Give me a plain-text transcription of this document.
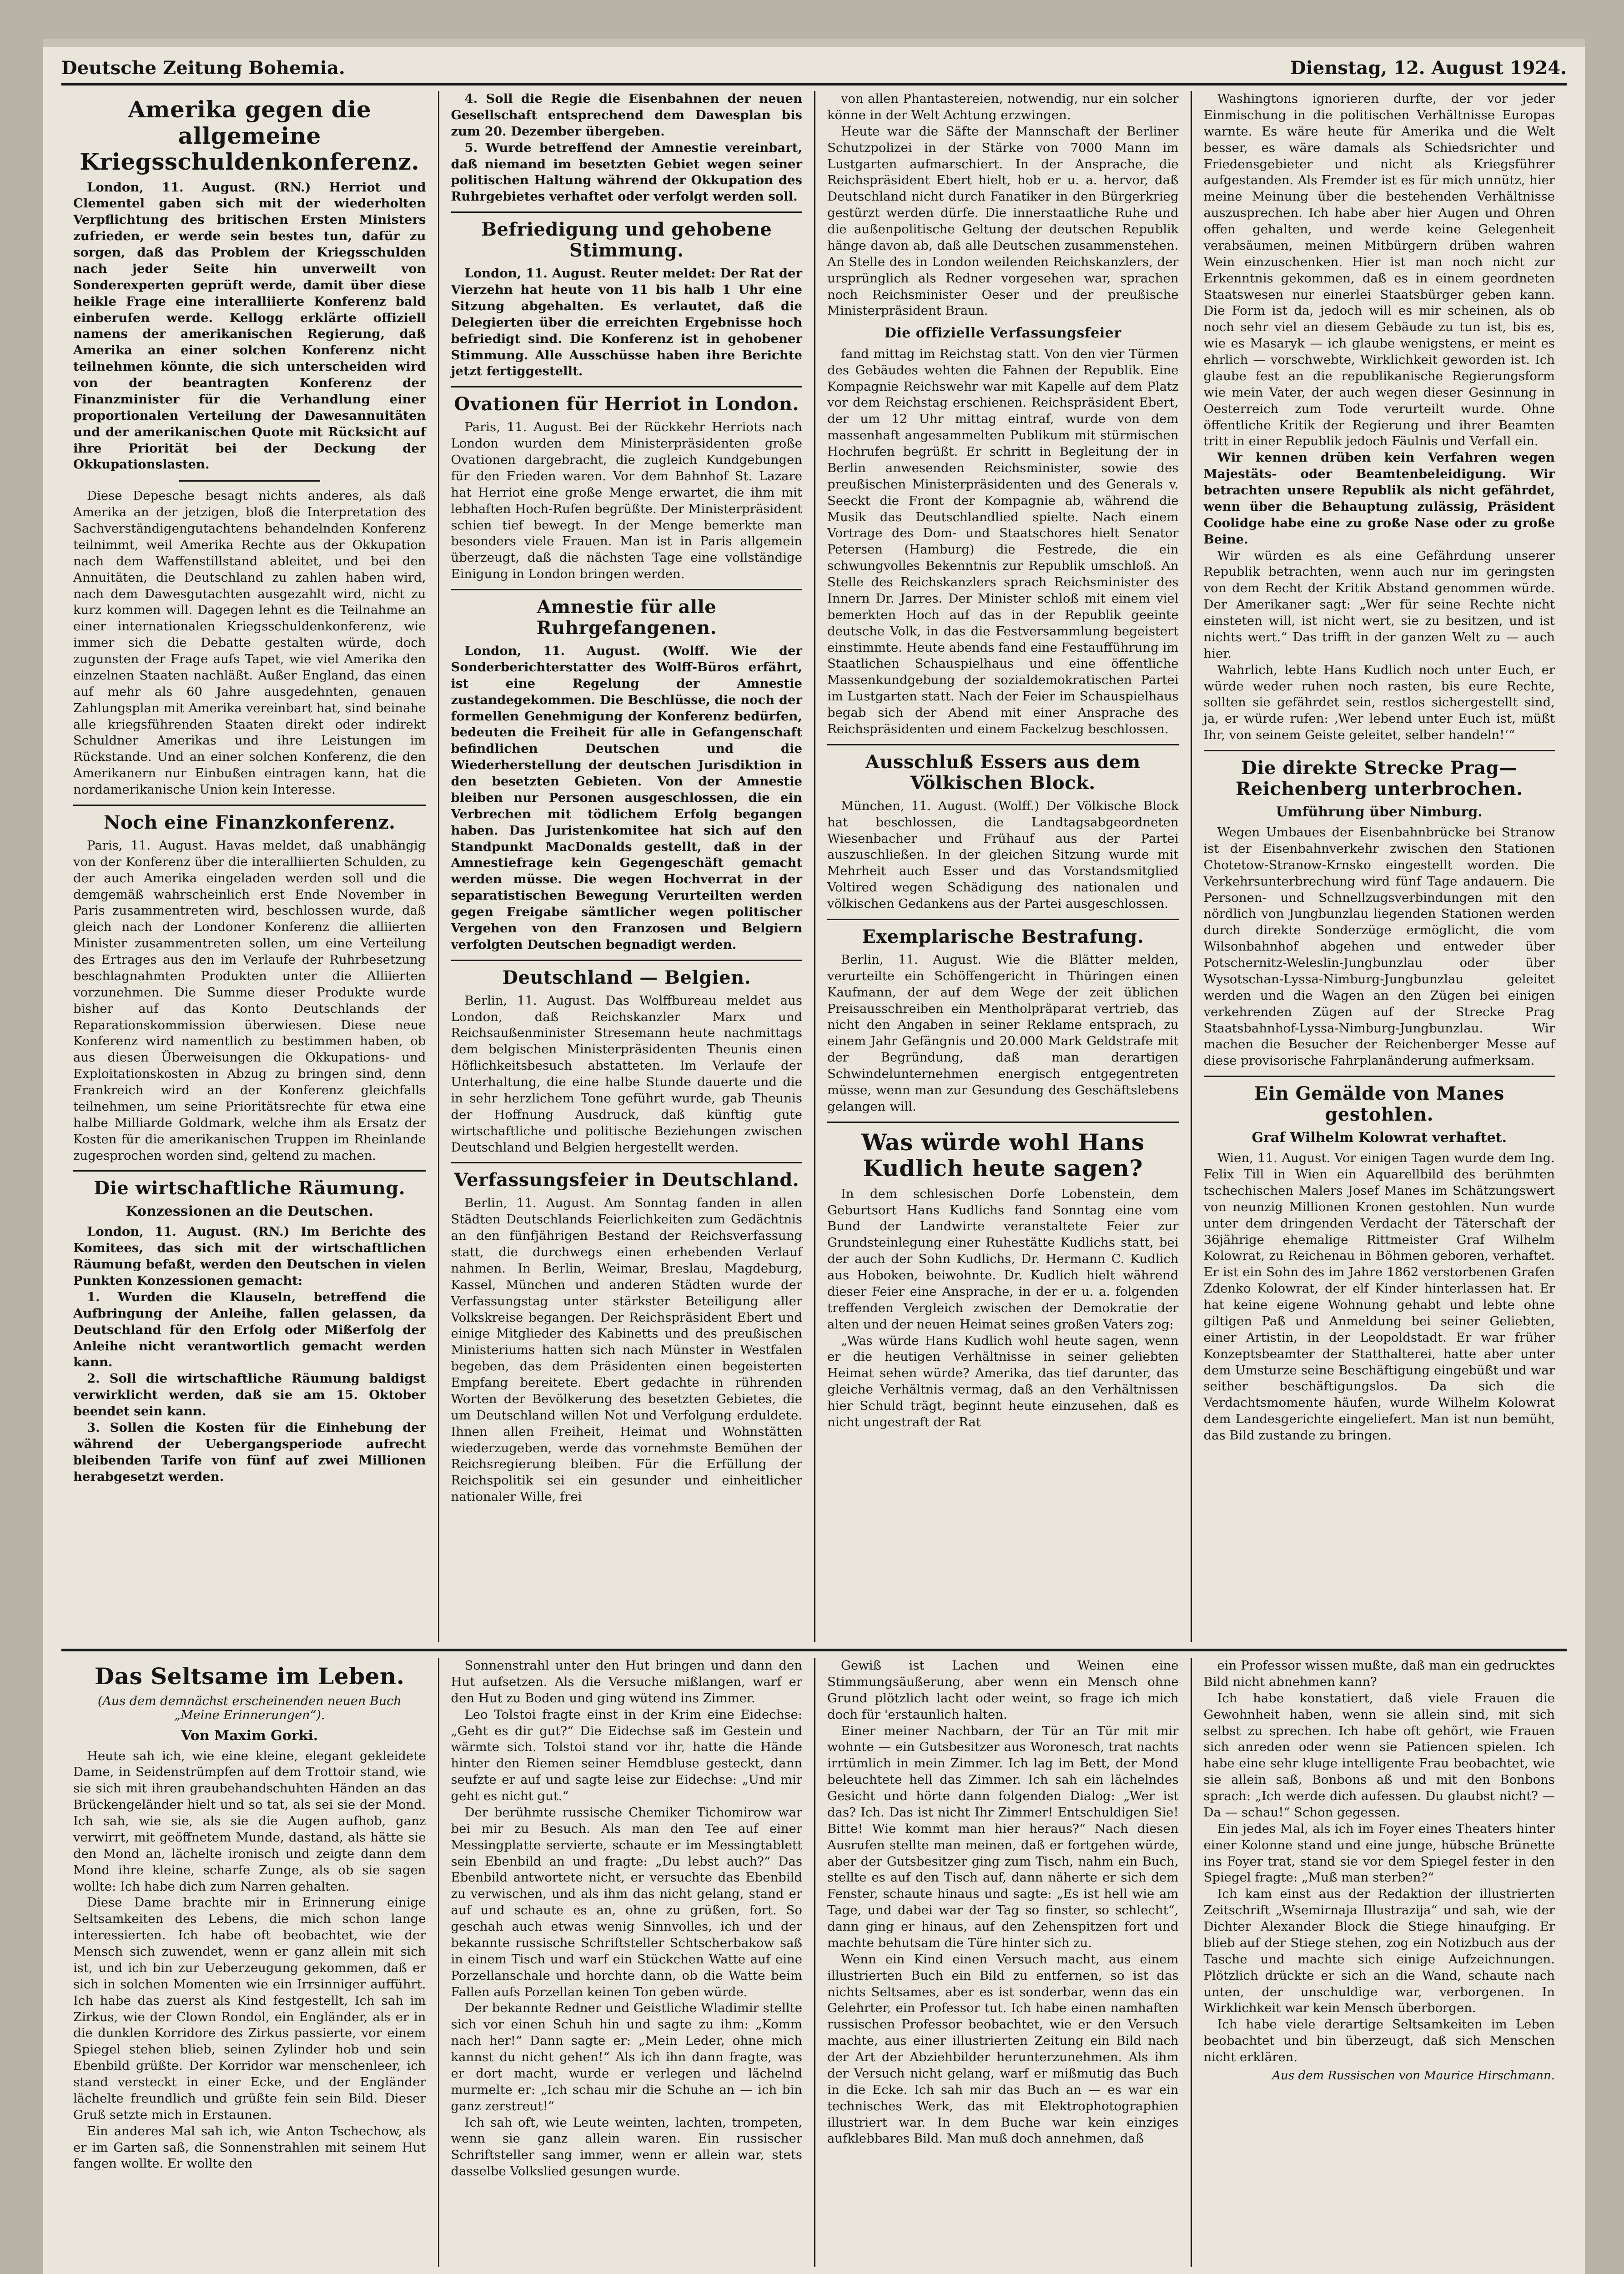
Deutsche Zeitung Bohemia.	Dienstag, 12. August 1924.
Amerika gegen die allgemeine Kriegsschuldenkonferenz.

London, 11. August. (RN.) Herriot und Clementel gaben sich mit der wiederholten Verpflichtung des britischen Ersten Ministers zufrieden, er werde sein bestes tun, dafür zu sorgen, daß das Problem der Kriegsschulden nach jeder Seite hin unverweilt von Sonderexperten geprüft werde, damit über diese heikle Frage eine interalliierte Konferenz bald einberufen werde. Kellogg erklärte offiziell namens der amerikanischen Regierung, daß Amerika an einer solchen Konferenz nicht teilnehmen könnte, die sich unterscheiden wird von der beantragten Konferenz der Finanzminister für die Verhandlung einer proportionalen Verteilung der Dawesannuitäten und der amerikanischen Quote mit Rücksicht auf ihre Priorität bei der Deckung der Okkupationslasten.

Diese Depesche besagt nichts anderes, als daß Amerika an der jetzigen, bloß die Interpretation des Sachverständigengutachtens behandelnden Konferenz teilnimmt, weil Amerika Rechte aus der Okkupation nach dem Waffenstillstand ableitet, und bei den Annuitäten, die Deutschland zu zahlen haben wird, nach dem Dawesgutachten ausgezahlt wird, nicht zu kurz kommen will. Dagegen lehnt es die Teilnahme an einer internationalen Kriegsschuldenkonferenz, wie immer sich die Debatte gestalten würde, doch zugunsten der Frage aufs Tapet, wie viel Amerika den einzelnen Staaten nachläßt. Außer England, das einen auf mehr als 60 Jahre ausgedehnten, genauen Zahlungsplan mit Amerika vereinbart hat, sind beinahe alle kriegsführenden Staaten direkt oder indirekt Schuldner Amerikas und ihre Leistungen im Rückstande. Und an einer solchen Konferenz, die den Amerikanern nur Einbußen eintragen kann, hat die nordamerikanische Union kein Interesse.

Noch eine Finanzkonferenz.

Paris, 11. August. Havas meldet, daß unabhängig von der Konferenz über die interalliierten Schulden, zu der auch Amerika eingeladen werden soll und die demgemäß wahrscheinlich erst Ende November in Paris zusammentreten wird, beschlossen wurde, daß gleich nach der Londoner Konferenz die alliierten Minister zusammentreten sollen, um eine Verteilung des Ertrages aus den im Verlaufe der Ruhrbesetzung beschlagnahmten Produkten unter die Alliierten vorzunehmen. Die Summe dieser Produkte wurde bisher auf das Konto Deutschlands der Reparationskommission überwiesen. Diese neue Konferenz wird namentlich zu bestimmen haben, ob aus diesen Überweisungen die Okkupations- und Exploitationskosten in Abzug zu bringen sind, denn Frankreich wird an der Konferenz gleichfalls teilnehmen, um seine Prioritätsrechte für etwa eine halbe Milliarde Goldmark, welche ihm als Ersatz der Kosten für die amerikanischen Truppen im Rheinlande zugesprochen worden sind, geltend zu machen.

Die wirtschaftliche Räumung.
Konzessionen an die Deutschen.

London, 11. August. (RN.) Im Berichte des Komitees, das sich mit der wirtschaftlichen Räumung befaßt, werden den Deutschen in vielen Punkten Konzessionen gemacht:

1. Wurden die Klauseln, betreffend die Aufbringung der Anleihe, fallen gelassen, da Deutschland für den Erfolg oder Mißerfolg der Anleihe nicht verantwortlich gemacht werden kann.

2. Soll die wirtschaftliche Räumung baldigst verwirklicht werden, daß sie am 15. Oktober beendet sein kann.

3. Sollen die Kosten für die Einhebung der während der Uebergangsperiode aufrecht bleibenden Tarife von fünf auf zwei Millionen herabgesetzt werden.

4. Soll die Regie die Eisenbahnen der neuen Gesellschaft entsprechend dem Dawesplan bis zum 20. Dezember übergeben.

5. Wurde betreffend der Amnestie vereinbart, daß niemand im besetzten Gebiet wegen seiner politischen Haltung während der Okkupation des Ruhrgebietes verhaftet oder verfolgt werden soll.

Befriedigung und gehobene Stimmung.

London, 11. August. Reuter meldet: Der Rat der Vierzehn hat heute von 11 bis halb 1 Uhr eine Sitzung abgehalten. Es verlautet, daß die Delegierten über die erreichten Ergebnisse hoch befriedigt sind. Die Konferenz ist in gehobener Stimmung. Alle Ausschüsse haben ihre Berichte jetzt fertiggestellt.

Ovationen für Herriot in London.

Paris, 11. August. Bei der Rückkehr Herriots nach London wurden dem Ministerpräsidenten große Ovationen dargebracht, die zugleich Kundgebungen für den Frieden waren. Vor dem Bahnhof St. Lazare hat Herriot eine große Menge erwartet, die ihm mit lebhaften Hoch-Rufen begrüßte. Der Ministerpräsident schien tief bewegt. In der Menge bemerkte man besonders viele Frauen. Man ist in Paris allgemein überzeugt, daß die nächsten Tage eine vollständige Einigung in London bringen werden.

Amnestie für alle Ruhrgefangenen.

London, 11. August. (Wolff. Wie der Sonderberichterstatter des Wolff-Büros erfährt, ist eine Regelung der Amnestie zustandegekommen. Die Beschlüsse, die noch der formellen Genehmigung der Konferenz bedürfen, bedeuten die Freiheit für alle in Gefangenschaft befindlichen Deutschen und die Wiederherstellung der deutschen Jurisdiktion in den besetzten Gebieten. Von der Amnestie bleiben nur Personen ausgeschlossen, die ein Verbrechen mit tödlichem Erfolg begangen haben. Das Juristenkomitee hat sich auf den Standpunkt MacDonalds gestellt, daß in der Amnestiefrage kein Gegengeschäft gemacht werden müsse. Die wegen Hochverrat in der separatistischen Bewegung Verurteilten werden gegen Freigabe sämtlicher wegen politischer Vergehen von den Franzosen und Belgiern verfolgten Deutschen begnadigt werden.

Deutschland — Belgien.

Berlin, 11. August. Das Wolffbureau meldet aus London, daß Reichskanzler Marx und Reichsaußenminister Stresemann heute nachmittags dem belgischen Ministerpräsidenten Theunis einen Höflichkeitsbesuch abstatteten. Im Verlaufe der Unterhaltung, die eine halbe Stunde dauerte und die in sehr herzlichem Tone geführt wurde, gab Theunis der Hoffnung Ausdruck, daß künftig gute wirtschaftliche und politische Beziehungen zwischen Deutschland und Belgien hergestellt werden.

Verfassungsfeier in Deutschland.

Berlin, 11. August. Am Sonntag fanden in allen Städten Deutschlands Feierlichkeiten zum Gedächtnis an den fünfjährigen Bestand der Reichsverfassung statt, die durchwegs einen erhebenden Verlauf nahmen. In Berlin, Weimar, Breslau, Magdeburg, Kassel, München und anderen Städten wurde der Verfassungstag unter stärkster Beteiligung aller Volkskreise begangen. Der Reichspräsident Ebert und einige Mitglieder des Kabinetts und des preußischen Ministeriums hatten sich nach Münster in Westfalen begeben, das dem Präsidenten einen begeisterten Empfang bereitete. Ebert gedachte in rührenden Worten der Bevölkerung des besetzten Gebietes, die um Deutschland willen Not und Verfolgung erduldete. Ihnen allen Freiheit, Heimat und Wohnstätten wiederzugeben, werde das vornehmste Bemühen der Reichsregierung bleiben. Für die Erfüllung der Reichspolitik sei ein gesunder und einheitlicher nationaler Wille, frei

von allen Phantastereien, notwendig, nur ein solcher könne in der Welt Achtung erzwingen.

Heute war die Säfte der Mannschaft der Berliner Schutzpolizei in der Stärke von 7000 Mann im Lustgarten aufmarschiert. In der Ansprache, die Reichspräsident Ebert hielt, hob er u. a. hervor, daß Deutschland nicht durch Fanatiker in den Bürgerkrieg gestürzt werden dürfe. Die innerstaatliche Ruhe und die außenpolitische Geltung der deutschen Republik hänge davon ab, daß alle Deutschen zusammenstehen. An Stelle des in London weilenden Reichskanzlers, der ursprünglich als Redner vorgesehen war, sprachen noch Reichsminister Oeser und der preußische Ministerpräsident Braun.

Die offizielle Verfassungsfeier

fand mittag im Reichstag statt. Von den vier Türmen des Gebäudes wehten die Fahnen der Republik. Eine Kompagnie Reichswehr war mit Kapelle auf dem Platz vor dem Reichstag erschienen. Reichspräsident Ebert, der um 12 Uhr mittag eintraf, wurde von dem massenhaft angesammelten Publikum mit stürmischen Hochrufen begrüßt. Er schritt in Begleitung der in Berlin anwesenden Reichsminister, sowie des preußischen Ministerpräsidenten und des Generals v. Seeckt die Front der Kompagnie ab, während die Musik das Deutschlandlied spielte. Nach einem Vortrage des Dom- und Staatschores hielt Senator Petersen (Hamburg) die Festrede, die ein schwungvolles Bekenntnis zur Republik umschloß. An Stelle des Reichskanzlers sprach Reichsminister des Innern Dr. Jarres. Der Minister schloß mit einem viel bemerkten Hoch auf das in der Republik geeinte deutsche Volk, in das die Festversammlung begeistert einstimmte. Heute abends fand eine Festaufführung im Staatlichen Schauspielhaus und eine öffentliche Massenkundgebung der sozialdemokratischen Partei im Lustgarten statt. Nach der Feier im Schauspielhaus begab sich der Abend mit einer Ansprache des Reichspräsidenten und einem Fackelzug beschlossen.

Ausschluß Essers aus dem Völkischen Block.

München, 11. August. (Wolff.) Der Völkische Block hat beschlossen, die Landtagsabgeordneten Wiesenbacher und Frühauf aus der Partei auszuschließen. In der gleichen Sitzung wurde mit Mehrheit auch Esser und das Vorstandsmitglied Voltired wegen Schädigung des nationalen und völkischen Gedankens aus der Partei ausgeschlossen.

Exemplarische Bestrafung.

Berlin, 11. August. Wie die Blätter melden, verurteilte ein Schöffengericht in Thüringen einen Kaufmann, der auf dem Wege der zeit üblichen Preisausschreiben ein Mentholpräparat vertrieb, das nicht den Angaben in seiner Reklame entsprach, zu einem Jahr Gefängnis und 20.000 Mark Geldstrafe mit der Begründung, daß man derartigen Schwindelunternehmen energisch entgegentreten müsse, wenn man zur Gesundung des Geschäftslebens gelangen will.

Was würde wohl Hans Kudlich heute sagen?

In dem schlesischen Dorfe Lobenstein, dem Geburtsort Hans Kudlichs fand Sonntag eine vom Bund der Landwirte veranstaltete Feier zur Grundsteinlegung einer Ruhestätte Kudlichs statt, bei der auch der Sohn Kudlichs, Dr. Hermann C. Kudlich aus Hoboken, beiwohnte. Dr. Kudlich hielt während dieser Feier eine Ansprache, in der er u. a. folgenden treffenden Vergleich zwischen der Demokratie der alten und der neuen Heimat seines großen Vaters zog:

„Was würde Hans Kudlich wohl heute sagen, wenn er die heutigen Verhältnisse in seiner geliebten Heimat sehen würde? Amerika, das tief darunter, das gleiche Verhältnis vermag, daß an den Verhältnissen hier Schuld trägt, beginnt heute einzusehen, daß es nicht ungestraft der Rat

Washingtons ignorieren durfte, der vor jeder Einmischung in die politischen Verhältnisse Europas warnte. Es wäre heute für Amerika und die Welt besser, es wäre damals als Schiedsrichter und Friedensgebieter und nicht als Kriegsführer aufgestanden. Als Fremder ist es für mich unnütz, hier meine Meinung über die bestehenden Verhältnisse auszusprechen. Ich habe aber hier Augen und Ohren offen gehalten, und werde keine Gelegenheit verabsäumen, meinen Mitbürgern drüben wahren Wein einzuschenken. Hier ist man noch nicht zur Erkenntnis gekommen, daß es in einem geordneten Staatswesen nur einerlei Staatsbürger geben kann. Die Form ist da, jedoch will es mir scheinen, als ob noch sehr viel an diesem Gebäude zu tun ist, bis es, wie es Masaryk — ich glaube wenigstens, er meint es ehrlich — vorschwebte, Wirklichkeit geworden ist. Ich glaube fest an die republikanische Regierungsform wie mein Vater, der auch wegen dieser Gesinnung in Oesterreich zum Tode verurteilt wurde. Ohne öffentliche Kritik der Regierung und ihrer Beamten tritt in einer Republik jedoch Fäulnis und Verfall ein.

Wir kennen drüben kein Verfahren wegen Majestäts- oder Beamtenbeleidigung. Wir betrachten unsere Republik als nicht gefährdet, wenn über die Behauptung zulässig, Präsident Coolidge habe eine zu große Nase oder zu große Beine.

Wir würden es als eine Gefährdung unserer Republik betrachten, wenn auch nur im geringsten von dem Recht der Kritik Abstand genommen würde. Der Amerikaner sagt: „Wer für seine Rechte nicht einsteten will, ist nicht wert, sie zu besitzen, und ist nichts wert.“ Das trifft in der ganzen Welt zu — auch hier.

Wahrlich, lebte Hans Kudlich noch unter Euch, er würde weder ruhen noch rasten, bis eure Rechte, sollten sie gefährdet sein, restlos sichergestellt sind, ja, er würde rufen: ‚Wer lebend unter Euch ist, müßt Ihr, von seinem Geiste geleitet, selber handeln!‘“

Die direkte Strecke Prag—Reichenberg unterbrochen.
Umführung über Nimburg.

Wegen Umbaues der Eisenbahnbrücke bei Stranow ist der Eisenbahnverkehr zwischen den Stationen Chotetow-Stranow-Krnsko eingestellt worden. Die Verkehrsunterbrechung wird fünf Tage andauern. Die Personen- und Schnellzugsverbindungen mit den nördlich von Jungbunzlau liegenden Stationen werden durch direkte Sonderzüge ermöglicht, die vom Wilsonbahnhof abgehen und entweder über Potschernitz-Weleslin-Jungbunzlau oder über Wysotschan-Lyssa-Nimburg-Jungbunzlau geleitet werden und die Wagen an den Zügen bei einigen verkehrenden Zügen auf der Strecke Prag Staatsbahnhof-Lyssa-Nimburg-Jungbunzlau. Wir machen die Besucher der Reichenberger Messe auf diese provisorische Fahrplanänderung aufmerksam.

Ein Gemälde von Manes gestohlen.
Graf Wilhelm Kolowrat verhaftet.

Wien, 11. August. Vor einigen Tagen wurde dem Ing. Felix Till in Wien ein Aquarellbild des berühmten tschechischen Malers Josef Manes im Schätzungswert von neunzig Millionen Kronen gestohlen. Nun wurde unter dem dringenden Verdacht der Täterschaft der 36jährige ehemalige Rittmeister Graf Wilhelm Kolowrat, zu Reichenau in Böhmen geboren, verhaftet. Er ist ein Sohn des im Jahre 1862 verstorbenen Grafen Zdenko Kolowrat, der elf Kinder hinterlassen hat. Er hat keine eigene Wohnung gehabt und lebte ohne giltigen Paß und Anmeldung bei seiner Geliebten, einer Artistin, in der Leopoldstadt. Er war früher Konzeptsbeamter der Statthalterei, hatte aber unter dem Umsturze seine Beschäftigung eingebüßt und war seither beschäftigungslos. Da sich die Verdachtsmomente häufen, wurde Wilhelm Kolowrat dem Landesgerichte eingeliefert. Man ist nun bemüht, das Bild zustande zu bringen.

Das Seltsame im Leben.
(Aus dem demnächst erscheinenden neuen Buch „Meine Erinnerungen“).
Von Maxim Gorki.

Heute sah ich, wie eine kleine, elegant gekleidete Dame, in Seidenstrümpfen auf dem Trottoir stand, wie sie sich mit ihren graubehandschuhten Händen an das Brückengeländer hielt und so tat, als sei sie der Mond. Ich sah, wie sie, als sie die Augen aufhob, ganz verwirrt, mit geöffnetem Munde, dastand, als hätte sie den Mond an, lächelte ironisch und zeigte dann dem Mond ihre kleine, scharfe Zunge, als ob sie sagen wollte: Ich habe dich zum Narren gehalten.

Diese Dame brachte mir in Erinnerung einige Seltsamkeiten des Lebens, die mich schon lange interessierten. Ich habe oft beobachtet, wie der Mensch sich zuwendet, wenn er ganz allein mit sich ist, und ich bin zur Ueberzeugung gekommen, daß er sich in solchen Momenten wie ein Irrsinniger aufführt. Ich habe das zuerst als Kind festgestellt, Ich sah im Zirkus, wie der Clown Rondol, ein Engländer, als er in die dunklen Korridore des Zirkus passierte, vor einem Spiegel stehen blieb, seinen Zylinder hob und sein Ebenbild grüßte. Der Korridor war menschenleer, ich stand versteckt in einer Ecke, und der Engländer lächelte freundlich und grüßte fein sein Bild. Dieser Gruß setzte mich in Erstaunen.

Ein anderes Mal sah ich, wie Anton Tschechow, als er im Garten saß, die Sonnenstrahlen mit seinem Hut fangen wollte. Er wollte den

Sonnenstrahl unter den Hut bringen und dann den Hut aufsetzen. Als die Versuche mißlangen, warf er den Hut zu Boden und ging wütend ins Zimmer.

Leo Tolstoi fragte einst in der Krim eine Eidechse: „Geht es dir gut?“ Die Eidechse saß im Gestein und wärmte sich. Tolstoi stand vor ihr, hatte die Hände hinter den Riemen seiner Hemdbluse gesteckt, dann seufzte er auf und sagte leise zur Eidechse: „Und mir geht es nicht gut.“

Der berühmte russische Chemiker Tichomirow war bei mir zu Besuch. Als man den Tee auf einer Messingplatte servierte, schaute er im Messingtablett sein Ebenbild an und fragte: „Du lebst auch?“ Das Ebenbild antwortete nicht, er versuchte das Ebenbild zu verwischen, und als ihm das nicht gelang, stand er auf und schaute es an, ohne zu grüßen, fort. So geschah auch etwas wenig Sinnvolles, ich und der bekannte russische Schriftsteller Schtscherbakow saß in einem Tisch und warf ein Stückchen Watte auf eine Porzellanschale und horchte dann, ob die Watte beim Fallen aufs Porzellan keinen Ton geben würde.

Der bekannte Redner und Geistliche Wladimir stellte sich vor einen Schuh hin und sagte zu ihm: „Komm nach her!“ Dann sagte er: „Mein Leder, ohne mich kannst du nicht gehen!“ Als ich ihn dann fragte, was er dort macht, wurde er verlegen und lächelnd murmelte er: „Ich schau mir die Schuhe an — ich bin ganz zerstreut!“

Ich sah oft, wie Leute weinten, lachten, trompeten, wenn sie ganz allein waren. Ein russischer Schriftsteller sang immer, wenn er allein war, stets dasselbe Volkslied gesungen wurde.

Gewiß ist Lachen und Weinen eine Stimmungsäußerung, aber wenn ein Mensch ohne Grund plötzlich lacht oder weint, so frage ich mich doch für 'erstaunlich halten.

Einer meiner Nachbarn, der Tür an Tür mit mir wohnte — ein Gutsbesitzer aus Woronesch, trat nachts irrtümlich in mein Zimmer. Ich lag im Bett, der Mond beleuchtete hell das Zimmer. Ich sah ein lächelndes Gesicht und hörte dann folgenden Dialog: „Wer ist das? Ich. Das ist nicht Ihr Zimmer! Entschuldigen Sie! Bitte! Wie kommt man hier heraus?“ Nach diesen Ausrufen stellte man meinen, daß er fortgehen würde, aber der Gutsbesitzer ging zum Tisch, nahm ein Buch, stellte es auf den Tisch auf, dann näherte er sich dem Fenster, schaute hinaus und sagte: „Es ist hell wie am Tage, und dabei war der Tag so finster, so schlecht“, dann ging er hinaus, auf den Zehenspitzen fort und machte behutsam die Türe hinter sich zu.

Wenn ein Kind einen Versuch macht, aus einem illustrierten Buch ein Bild zu entfernen, so ist das nichts Seltsames, aber es ist sonderbar, wenn das ein Gelehrter, ein Professor tut. Ich habe einen namhaften russischen Professor beobachtet, wie er den Versuch machte, aus einer illustrierten Zeitung ein Bild nach der Art der Abziehbilder herunterzunehmen. Als ihm der Versuch nicht gelang, warf er mißmutig das Buch in die Ecke. Ich sah mir das Buch an — es war ein technisches Werk, das mit Elektrophotographien illustriert war. In dem Buche war kein einziges aufklebbares Bild. Man muß doch annehmen, daß

ein Professor wissen mußte, daß man ein gedrucktes Bild nicht abnehmen kann?

Ich habe konstatiert, daß viele Frauen die Gewohnheit haben, wenn sie allein sind, mit sich selbst zu sprechen. Ich habe oft gehört, wie Frauen sich anreden oder wenn sie Patiencen spielen. Ich habe eine sehr kluge intelligente Frau beobachtet, wie sie allein saß, Bonbons aß und mit den Bonbons sprach: „Ich werde dich aufessen. Du glaubst nicht? — Da — schau!“ Schon gegessen.

Ein jedes Mal, als ich im Foyer eines Theaters hinter einer Kolonne stand und eine junge, hübsche Brünette ins Foyer trat, stand sie vor dem Spiegel fester in den Spiegel fragte: „Muß man sterben?“

Ich kam einst aus der Redaktion der illustrierten Zeitschrift „Wsemirnaja Illustrazija“ und sah, wie der Dichter Alexander Block die Stiege hinaufging. Er blieb auf der Stiege stehen, zog ein Notizbuch aus der Tasche und machte sich einige Aufzeichnungen. Plötzlich drückte er sich an die Wand, schaute nach unten, der unschuldige war, verborgenen. In Wirklichkeit war kein Mensch überborgen.

Ich habe viele derartige Seltsamkeiten im Leben beobachtet und bin überzeugt, daß sich Menschen nicht erklären.

Aus dem Russischen von Maurice Hirschmann.
